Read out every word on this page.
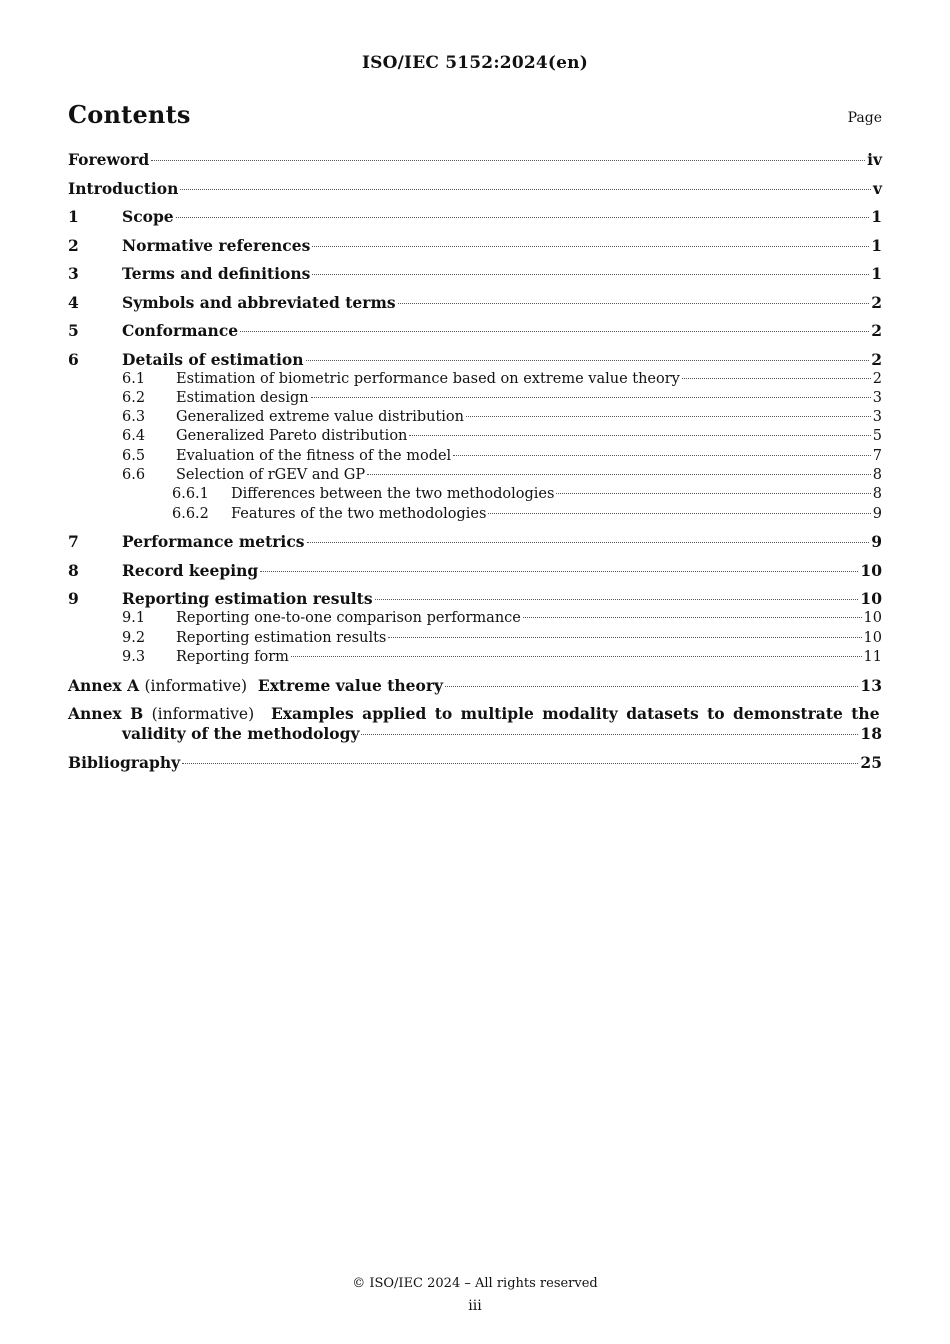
ISO/IEC 5152:2024(en)
Contents	Page
Foreword	iv
Introduction	v
1	Scope	1
2	Normative references	1
3	Terms and definitions	1
4	Symbols and abbreviated terms	2
5	Conformance	2
6	Details of estimation	2
6.1	Estimation of biometric performance based on extreme value theory	2
6.2	Estimation design	3
6.3	Generalized extreme value distribution	3
6.4	Generalized Pareto distribution	5
6.5	Evaluation of the fitness of the model	7
6.6	Selection of rGEV and GP	8
6.6.1	Differences between the two methodologies	8
6.6.2	Features of the two methodologies	9
7	Performance metrics	9
8	Record keeping	10
9	Reporting estimation results	10
9.1	Reporting one-to-one comparison performance	10
9.2	Reporting estimation results	10
9.3	Reporting form	11
Annex A (informative) Extreme value theory	13
Annex B (informative) Examples applied to multiple modality datasets to demonstrate the
validity of the methodology	18
Bibliography	25
© ISO/IEC 2024 – All rights reserved
iii
